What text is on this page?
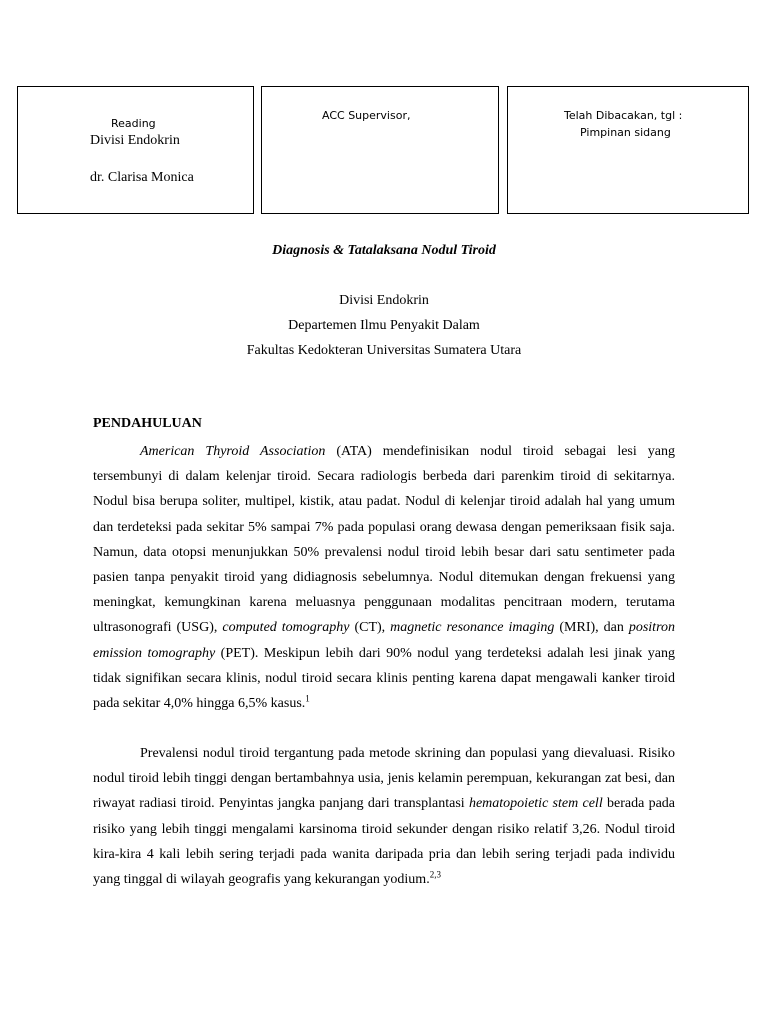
Reading
Divisi Endokrin
dr. Clarisa Monica
ACC Supervisor,	Telah Dibacakan, tgl :
Pimpinan sidang
Diagnosis & Tatalaksana Nodul Tiroid
Divisi Endokrin
Departemen Ilmu Penyakit Dalam
Fakultas Kedokteran Universitas Sumatera Utara
PENDAHULUAN

American Thyroid Association (ATA) mendefinisikan nodul tiroid sebagai lesi yang tersembunyi di dalam kelenjar tiroid. Secara radiologis berbeda dari parenkim tiroid di sekitarnya. Nodul bisa berupa soliter, multipel, kistik, atau padat. Nodul di kelenjar tiroid adalah hal yang umum dan terdeteksi pada sekitar 5% sampai 7% pada populasi orang dewasa dengan pemeriksaan fisik saja. Namun, data otopsi menunjukkan 50% prevalensi nodul tiroid lebih besar dari satu sentimeter pada pasien tanpa penyakit tiroid yang didiagnosis sebelumnya. Nodul ditemukan dengan frekuensi yang meningkat, kemungkinan karena meluasnya penggunaan modalitas pencitraan modern, terutama ultrasonografi (USG), computed tomography (CT), magnetic resonance imaging (MRI), dan positron emission tomography (PET). Meskipun lebih dari 90% nodul yang terdeteksi adalah lesi jinak yang tidak signifikan secara klinis, nodul tiroid secara klinis penting karena dapat mengawali kanker tiroid pada sekitar 4,0% hingga 6,5% kasus.$^1$

Prevalensi nodul tiroid tergantung pada metode skrining dan populasi yang dievaluasi. Risiko nodul tiroid lebih tinggi dengan bertambahnya usia, jenis kelamin perempuan, kekurangan zat besi, dan riwayat radiasi tiroid. Penyintas jangka panjang dari transplantasi hematopoietic stem cell berada pada risiko yang lebih tinggi mengalami karsinoma tiroid sekunder dengan risiko relatif 3,26. Nodul tiroid kira-kira 4 kali lebih sering terjadi pada wanita daripada pria dan lebih sering terjadi pada individu yang tinggal di wilayah geografis yang kekurangan yodium.$^{2,3}$
